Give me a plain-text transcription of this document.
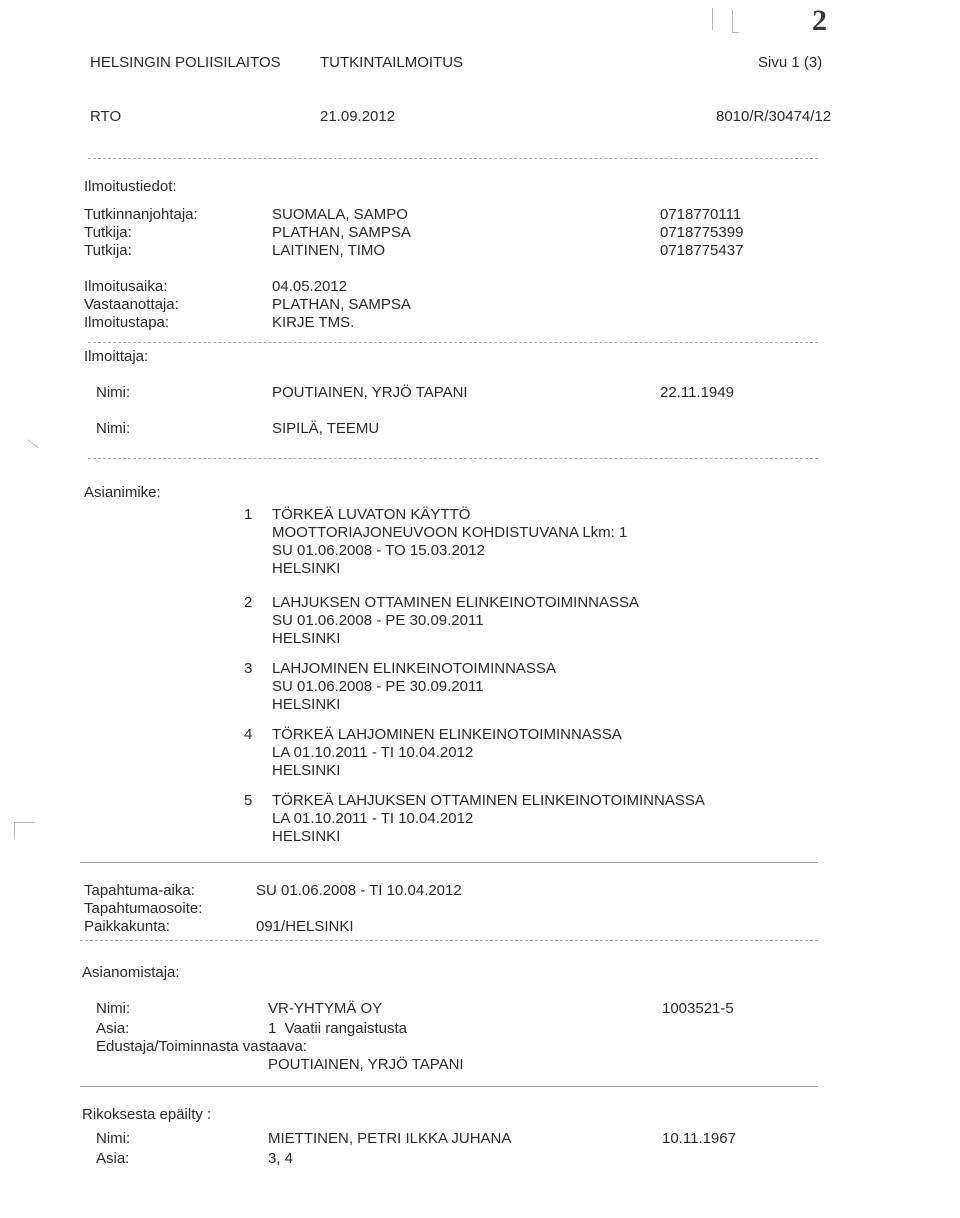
2
HELSINGIN POLIISILAITOS	TUTKINTAILMOITUS	Sivu 1 (3)
RTO	21.09.2012	8010/R/30474/12
Ilmoitustiedot:
Tutkinnanjohtaja:	SUOMALA, SAMPO	0718770111
Tutkija:	PLATHAN, SAMPSA	0718775399
Tutkija:	LAITINEN, TIMO	0718775437
Ilmoitusaika:	04.05.2012
Vastaanottaja:	PLATHAN, SAMPSA
Ilmoitustapa:	KIRJE TMS.
Ilmoittaja:
Nimi:	POUTIAINEN, YRJÖ TAPANI	22.11.1949
Nimi:	SIPILÄ, TEEMU
Asianimike:
1 TÖRKEÄ LUVATON KÄYTTÖ
MOOTTORIAJONEUVOON KOHDISTUVANA Lkm: 1
SU 01.06.2008 - TO 15.03.2012
HELSINKI
2 LAHJUKSEN OTTAMINEN ELINKEINOTOIMINNASSA
SU 01.06.2008 - PE 30.09.2011
HELSINKI
3 LAHJOMINEN ELINKEINOTOIMINNASSA
SU 01.06.2008 - PE 30.09.2011
HELSINKI
4 TÖRKEÄ LAHJOMINEN ELINKEINOTOIMINNASSA
LA 01.10.2011 - TI 10.04.2012
HELSINKI
5 TÖRKEÄ LAHJUKSEN OTTAMINEN ELINKEINOTOIMINNASSA
LA 01.10.2011 - TI 10.04.2012
HELSINKI
Tapahtuma-aika:	SU 01.06.2008 - TI 10.04.2012
Tapahtumaosoite:
Paikkakunta:	091/HELSINKI
Asianomistaja:
Nimi:	VR-YHTYMÄ OY	1003521-5
Asia:	1  Vaatii rangaistusta
Edustaja/Toiminnasta vastaava:
POUTIAINEN, YRJÖ TAPANI
Rikoksesta epäilty :
Nimi:	MIETTINEN, PETRI ILKKA JUHANA	10.11.1967
Asia:	3, 4
